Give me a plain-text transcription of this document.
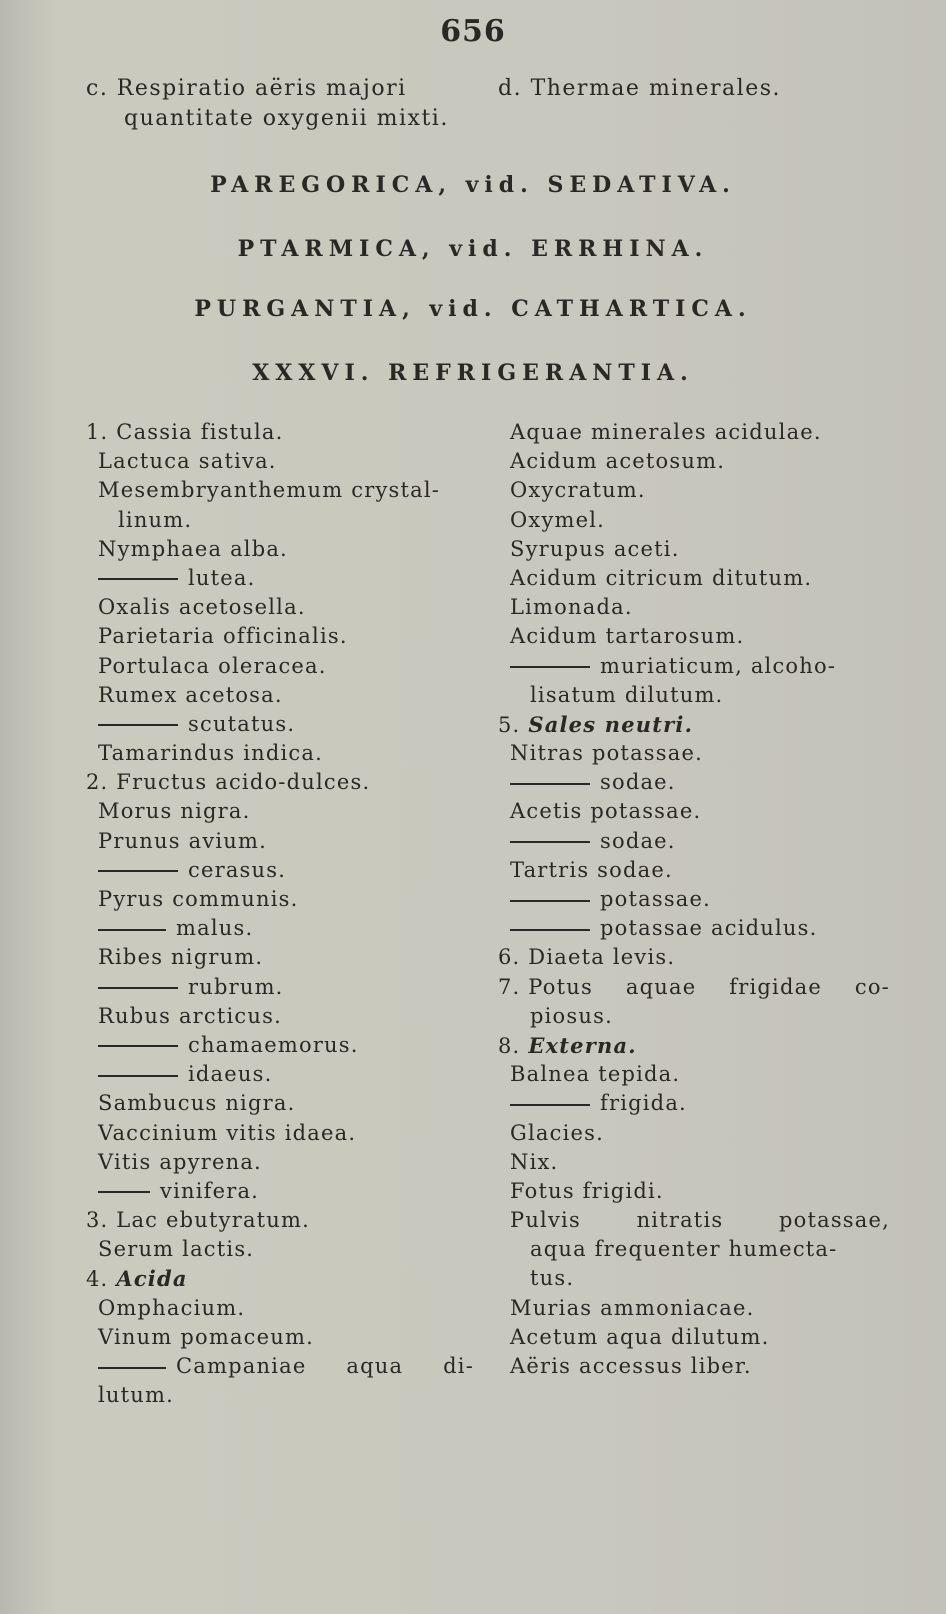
656
c. Respiratio aëris majori
quantitate oxygenii mixti.
d. Thermae minerales.
PAREGORICA, vid. SEDATIVA.
PTARMICA, vid. ERRHINA.
PURGANTIA, vid. CATHARTICA.
XXXVI. REFRIGERANTIA.
1. Cassia fistula.
Lactuca sativa.
Mesembryanthemum crystal-
linum.
Nymphaea alba.
lutea.
Oxalis acetosella.
Parietaria officinalis.
Portulaca oleracea.
Rumex acetosa.
scutatus.
Tamarindus indica.
2. Fructus acido-dulces.
Morus nigra.
Prunus avium.
cerasus.
Pyrus communis.
malus.
Ribes nigrum.
rubrum.
Rubus arcticus.
chamaemorus.
idaeus.
Sambucus nigra.
Vaccinium vitis idaea.
Vitis apyrena.
vinifera.
3. Lac ebutyratum.
Serum lactis.
4. Acida
Omphacium.
Vinum pomaceum.
Campaniae aqua di-
lutum.
Aquae minerales acidulae.
Acidum acetosum.
Oxycratum.
Oxymel.
Syrupus aceti.
Acidum citricum ditutum.
Limonada.
Acidum tartarosum.
muriaticum, alcoho-
lisatum dilutum.
5. Sales neutri.
Nitras potassae.
sodae.
Acetis potassae.
sodae.
Tartris sodae.
potassae.
potassae acidulus.
6. Diaeta levis.
7. Potus aquae frigidae co-
piosus.
8. Externa.
Balnea tepida.
frigida.
Glacies.
Nix.
Fotus frigidi.
Pulvis	nitratis	potassae,
aqua frequenter humecta-
tus.
Murias ammoniacae.
Acetum aqua dilutum.
Aëris accessus liber.
